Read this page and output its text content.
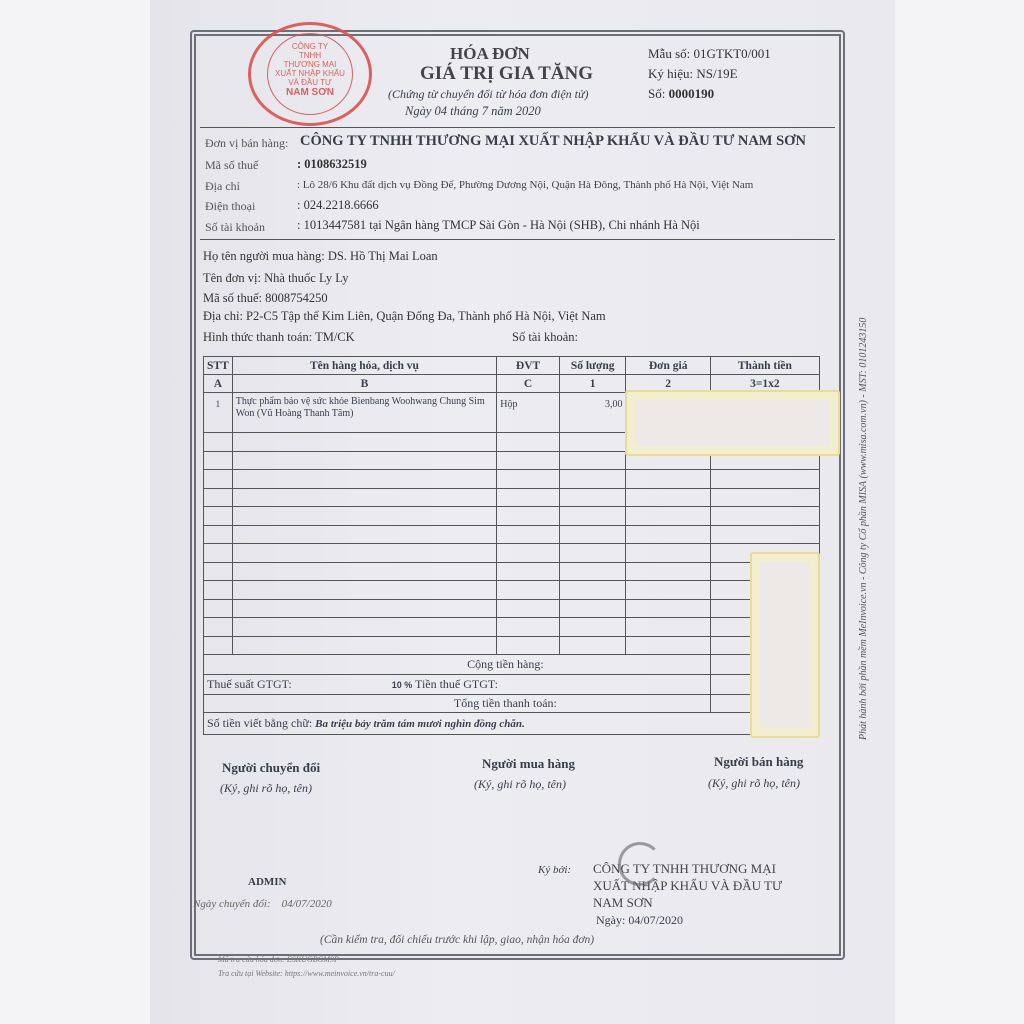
CÔNG TY
TNHH
THƯƠNG MẠI
XUẤT NHẬP KHẨU
VÀ ĐẦU TƯ
NAM SƠN
HÓA ĐƠN
GIÁ TRỊ GIA TĂNG
(Chứng từ chuyển đổi từ hóa đơn điện tử)
Ngày 04 tháng 7 năm 2020
Mẫu số: 01GTKT0/001
Ký hiệu: NS/19E
Số: 0000190
Đơn vị bán hàng: CÔNG TY TNHH THƯƠNG MẠI XUẤT NHẬP KHẨU VÀ ĐẦU TƯ NAM SƠN
Mã số thuế	: 0108632519
Địa chỉ	: Lô 28/6 Khu đất dịch vụ Đồng Đế, Phường Dương Nội, Quận Hà Đông, Thành phố Hà Nội, Việt Nam
Điện thoại	: 024.2218.6666
Số tài khoản	: 1013447581 tại Ngân hàng TMCP Sài Gòn - Hà Nội (SHB), Chi nhánh Hà Nội
Họ tên người mua hàng: DS. Hồ Thị Mai Loan
Tên đơn vị: Nhà thuốc Ly Ly
Mã số thuế: 8008754250
Địa chỉ: P2-C5 Tập thể Kim Liên, Quận Đống Đa, Thành phố Hà Nội, Việt Nam
Hình thức thanh toán: TM/CK	Số tài khoản:
STT	Tên hàng hóa, dịch vụ	ĐVT	Số lượng	Đơn giá	Thành tiền
A	B	C	1	2	3=1x2
1	Thực phẩm bảo vệ sức khỏe Bienbang Woohwang Chung Sim Won (Vũ Hoàng Thanh Tâm)	Hộp	3,00		

Cộng tiền hàng:					
Thuế suất GTGT: 10 % Tiền thuế GTGT:					
Tổng tiền thanh toán:					
Số tiền viết bằng chữ: Ba triệu bảy trăm tám mươi nghìn đồng chẵn.					
Người chuyển đổi
(Ký, ghi rõ họ, tên)
Người mua hàng
(Ký, ghi rõ họ, tên)
Người bán hàng
(Ký, ghi rõ họ, tên)
Ký bởi: CÔNG TY TNHH THƯƠNG MẠI
XUẤT NHẬP KHẨU VÀ ĐẦU TƯ
NAM SƠN
ADMIN
Ngày chuyển đổi: 04/07/2020
Ngày: 04/07/2020
(Cần kiểm tra, đối chiếu trước khi lập, giao, nhận hóa đơn)
Mã tra cứu hóa đơn: ESKUGBGM9P
Tra cứu tại Website: https://www.meinvoice.vn/tra-cuu/
Phát hành bởi phần mềm MeInvoice.vn - Công ty Cổ phần MISA (www.misa.com.vn) - MST: 0101243150
